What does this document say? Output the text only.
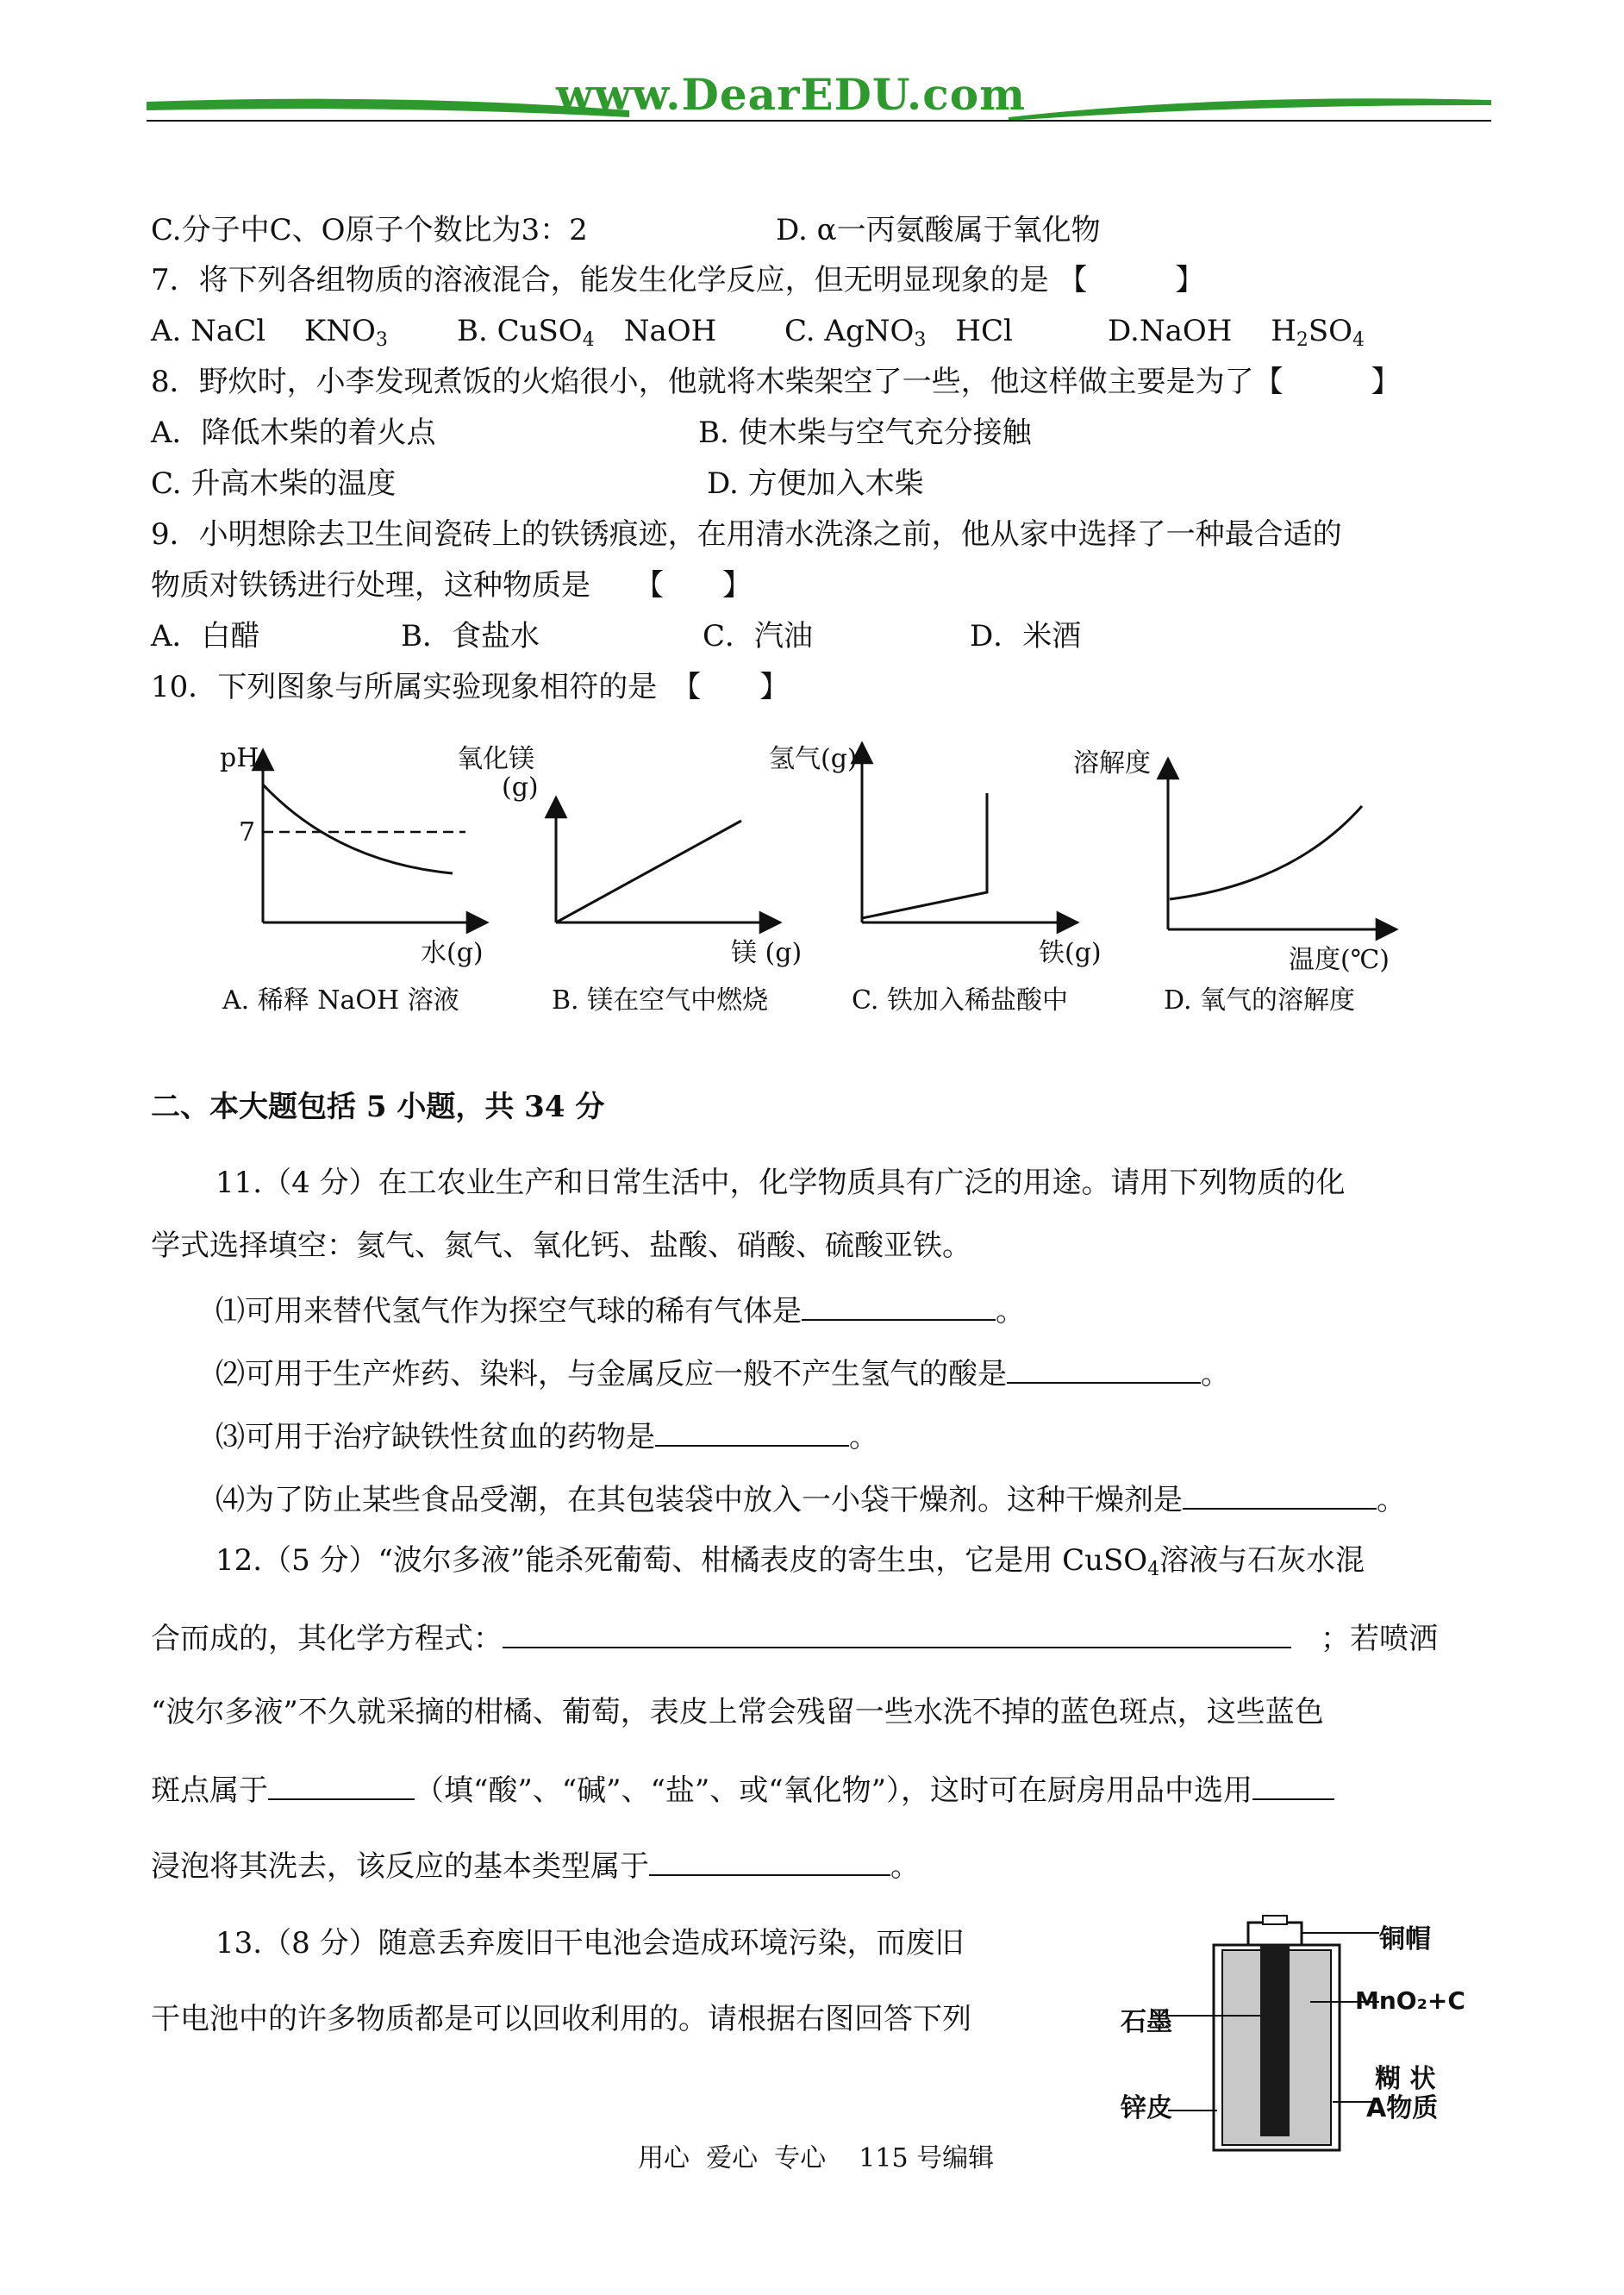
www.DearEDU.com
C.分子中C、O原子个数比为3：2	D. α一丙氨酸属于氧化物
7．将下列各组物质的溶液混合，能发生化学反应，但无明显现象的是 【　　　】
A. NaCl　 $KNO_3$ B. CuSO$_4$　 NaOH C. AgNO$_3$　 HCl	D.NaOH　 $H_2SO_4$
8．野炊时，小李发现煮饭的火焰很小，他就将木柴架空了一些，他这样做主要是为了【　　　】
A．降低木柴的着火点	B. 使木柴与空气充分接触
C. 升高木柴的温度	D. 方便加入木柴
9．小明想除去卫生间瓷砖上的铁锈痕迹，在用清水洗涤之前，他从家中选择了一种最合适的
物质对铁锈进行处理，这种物质是　　【　　】
A．白醋	B．食盐水	C．汽油	D．米酒
10．下列图象与所属实验现象相符的是　【　　】
pH
7
水(g)
A. 稀释 NaOH 溶液
氧化镁
(g)
镁 (g)
B. 镁在空气中燃烧
氢气(g)
铁(g)
C. 铁加入稀盐酸中
溶解度
温度(℃)
D. 氧气的溶解度
二、本大题包括 5 小题，共 34 分
11.（4 分）在工农业生产和日常生活中，化学物质具有广泛的用途。请用下列物质的化
学式选择填空：氦气、氮气、氧化钙、盐酸、硝酸、硫酸亚铁。
⑴可用来替代氢气作为探空气球的稀有气体是	。
⑵可用于生产炸药、染料，与金属反应一般不产生氢气的酸是	。
⑶可用于治疗缺铁性贫血的药物是	。
⑷为了防止某些食品受潮，在其包装袋中放入一小袋干燥剂。这种干燥剂是	。
12.（5 分）“波尔多液”能杀死葡萄、柑橘表皮的寄生虫，它是用 CuSO$_4$溶液与石灰水混
合而成的，其化学方程式：　	；若喷洒
“波尔多液”不久就采摘的柑橘、葡萄，表皮上常会残留一些水洗不掉的蓝色斑点，这些蓝色
斑点属于	（填“酸”、“碱”、“盐”、或“氧化物”），这时可在厨房用品中选用
浸泡将其洗去，该反应的基本类型属于	。
13.（8 分）随意丢弃废旧干电池会造成环境污染，而废旧
干电池中的许多物质都是可以回收利用的。请根据右图回答下列
铜帽
石墨
MnO₂+C
糊 状
A物质
锌皮
用心  爱心  专心    115 号编辑
